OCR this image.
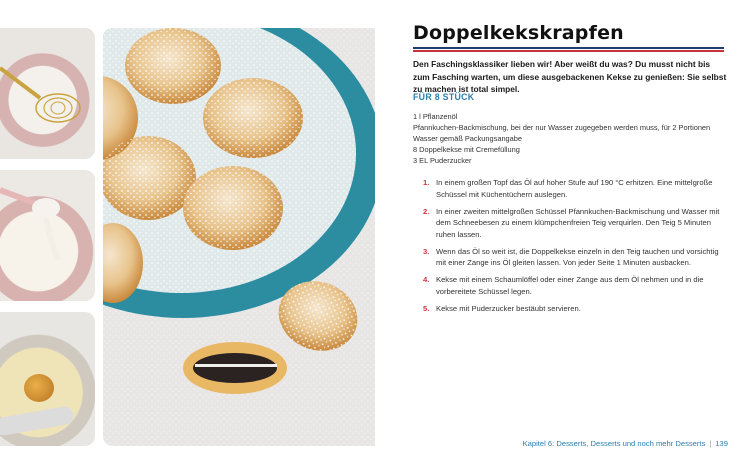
Doppelkekskrapfen

Den Faschingsklassiker lieben wir! Aber weißt du was? Du musst nicht bis zum Fasching warten, um diese ausgebackenen Kekse zu genießen: Sie selbst zu machen ist total simpel.

FÜR 8 STÜCK

1 l Pflanzenöl
Pfannkuchen-Backmischung, bei der nur Wasser zugegeben werden muss, für 2 Portionen
Wasser gemäß Packungsangabe
8 Doppelkekse mit Cremefüllung
3 EL Puderzucker
1. In einem großen Topf das Öl auf hoher Stufe auf 190 °C erhitzen. Eine mittelgroße Schüssel mit Küchentüchern auslegen.
2. In einer zweiten mittelgroßen Schüssel Pfannkuchen-Backmischung und Wasser mit dem Schneebesen zu einem klümpchenfreien Teig verquirlen. Den Teig 5 Minuten ruhen lassen.
3. Wenn das Öl so weit ist, die Doppelkekse einzeln in den Teig tauchen und vorsichtig mit einer Zange ins Öl gleiten lassen. Von jeder Seite 1 Minuten ausbacken.
4. Kekse mit einem Schaumlöffel oder einer Zange aus dem Öl nehmen und in die vorbereitete Schüssel legen.
5. Kekse mit Puderzucker bestäubt servieren.
Kapitel 6: Desserts, Desserts und noch mehr Desserts | 139
